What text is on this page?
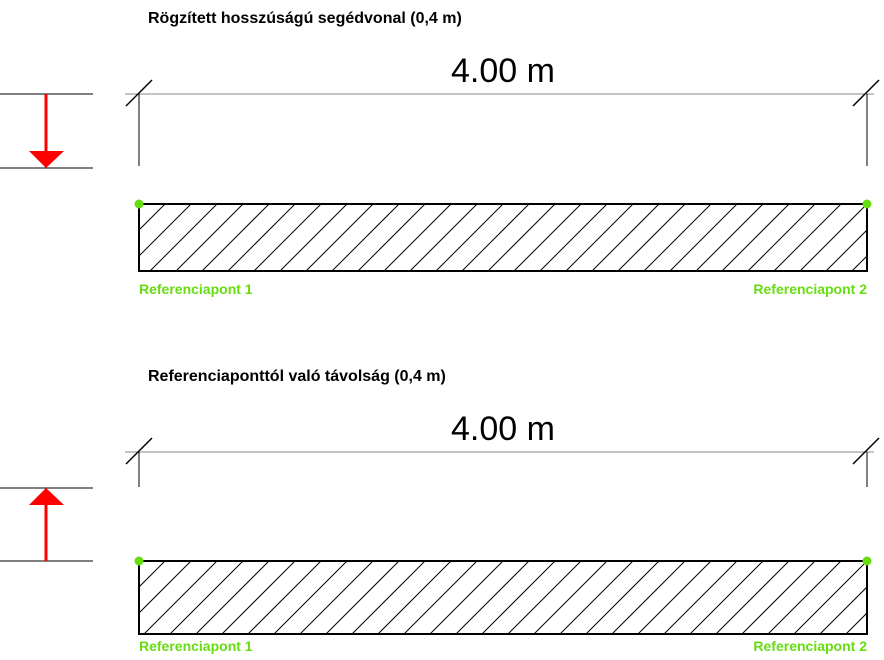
Rögzített hosszúságú segédvonal (0,4 m)
4.00 m
Referenciapont 1	Referenciapont 2
Referenciaponttól való távolság (0,4 m)
4.00 m
Referenciapont 1	Referenciapont 2
